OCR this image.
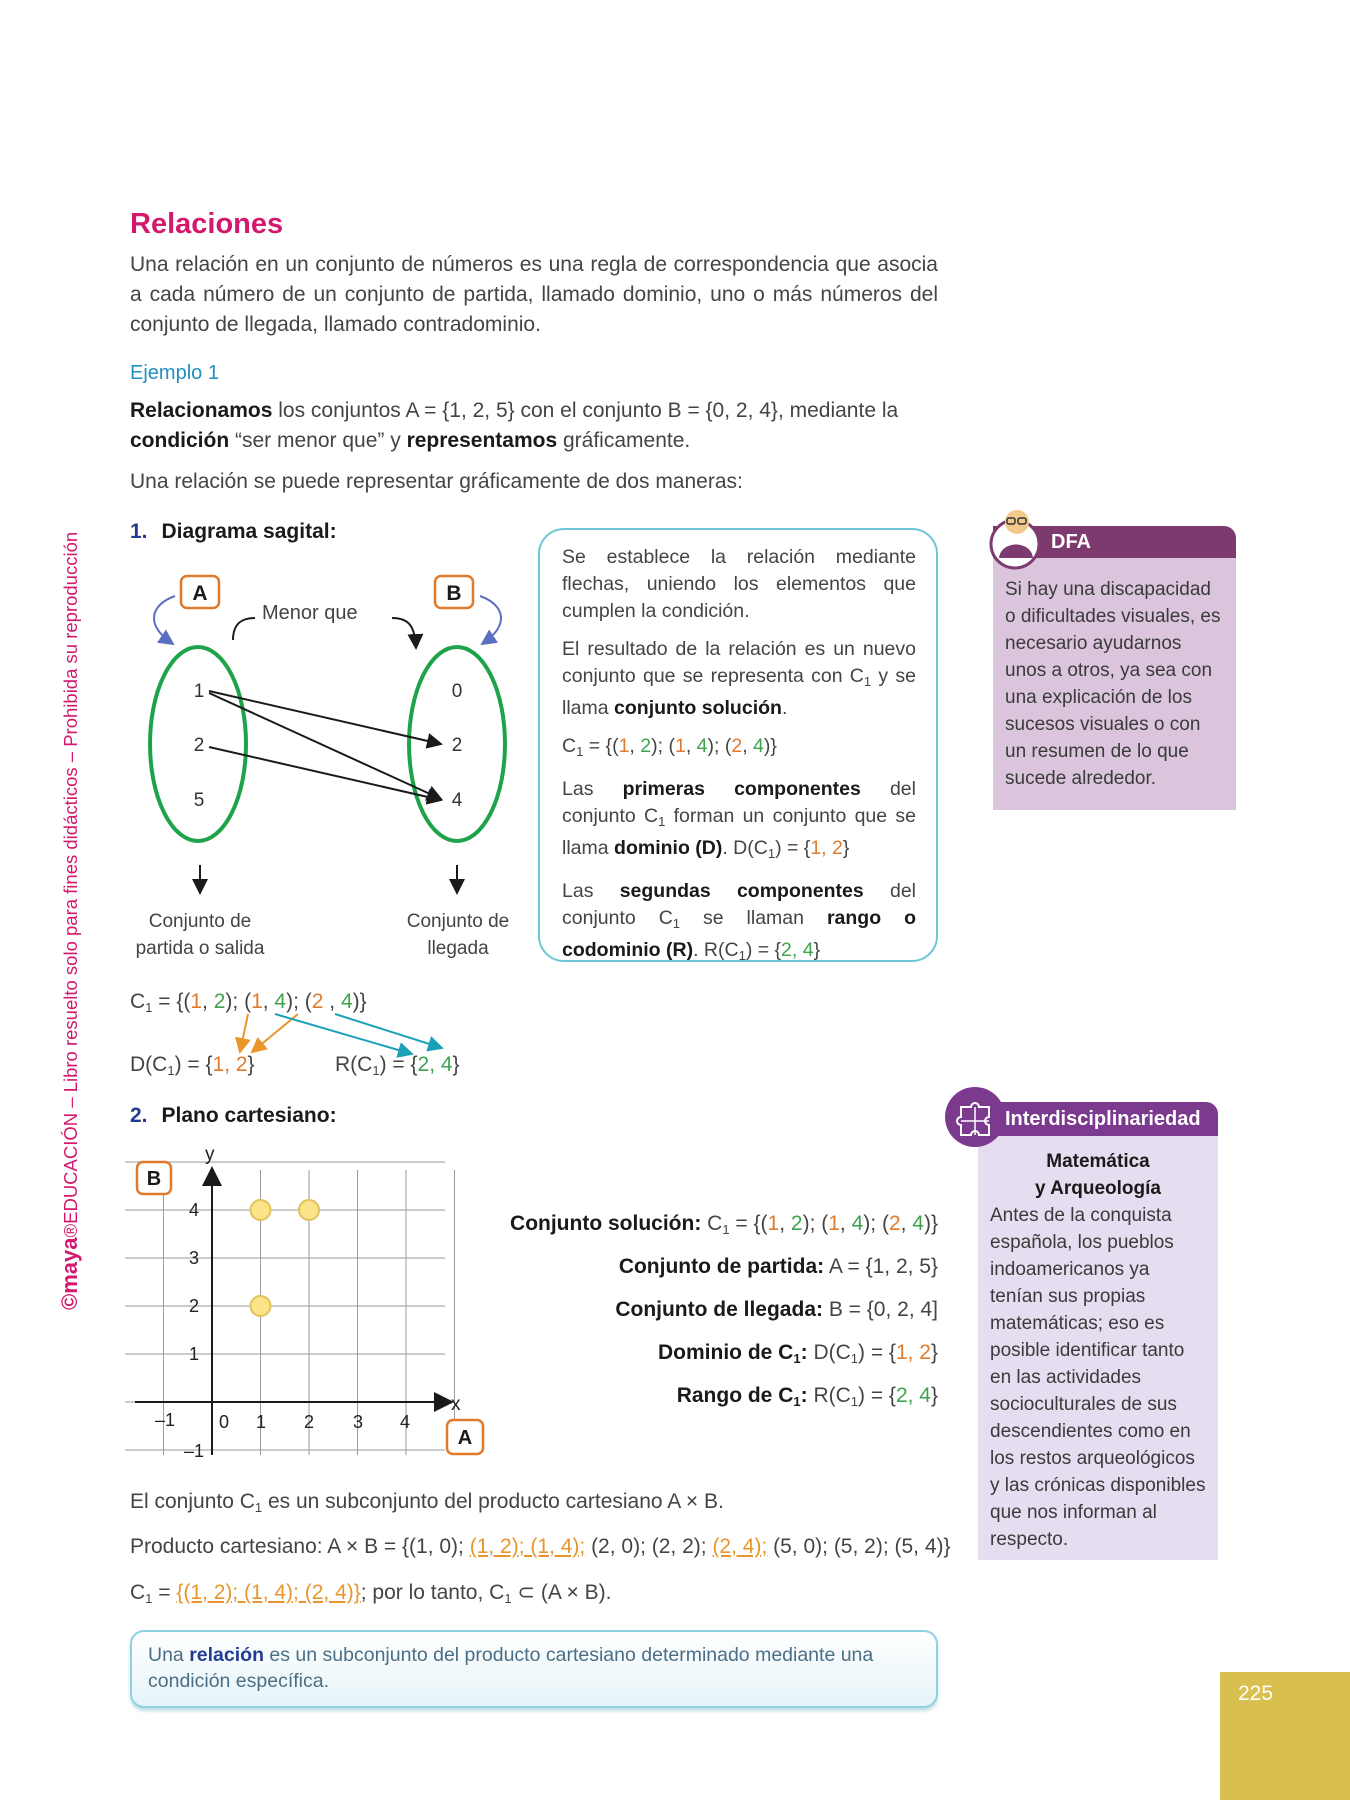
©maya®EDUCACIÓN – Libro resuelto solo para fines didácticos – Prohibida su reproducción
Relaciones

Una relación en un conjunto de números es una regla de correspondencia que asocia a cada número de un conjunto de partida, llamado dominio, uno o más números del conjunto de llegada, llamado contradominio.

Ejemplo 1

Relacionamos los conjuntos A = {1, 2, 5} con el conjunto B = {0, 2, 4}, mediante la condición “ser menor que” y representamos gráficamente.

Una relación se puede representar gráficamente de dos maneras:

1. Diagrama sagital:
A	B
1
2
5
0
2
4
Menor que
Conjunto de
partida o salida
Conjunto de
llegada

Se establece la relación mediante flechas, uniendo los elementos que cumplen la condición.

El resultado de la relación es un nuevo conjunto que se representa con $C_1$ y se llama conjunto solución.

$C_1 = \{(1$, 2); (1, 4); (2, 4)}

Las primeras componentes del conjunto $C_1$ forman un conjunto que se llama dominio (D). $D(C_1) = \{1$, 2}

Las segundas componentes del conjunto $C_1$ se llaman rango o codominio (R). $R(C_1) = \{2$, 4}

$C_1 = \{(1$, 2); (1, 4); (2 , 4)}
$D(C_1) = \{1$, 2}	$R(C_1) = \{2$, 4}
2. Plano cartesiano:
y
x
B
A
–1 0 1 2 3 4
4
3
2
1
–1
Conjunto solución: $C_1 = \{(1$, 2); (1, 4); (2, 4)}
Conjunto de partida: A = {1, 2, 5}
Conjunto de llegada: B = {0, 2, 4]
Dominio de $C_1$: $D(C_1) = \{1$, 2}
Rango de $C_1$: $R(C_1) = \{2$, 4}
El conjunto $C_1$ es un subconjunto del producto cartesiano A × B.
Producto cartesiano: A × B = {(1, 0); (1, 2); (1, 4); (2, 0); (2, 2); (2, 4); (5, 0); (5, 2); (5, 4)}
$C_1 = \{(1$, 2); (1, 4); (2, 4)}; por lo tanto, $C_1$ ⊂ (A × B).
Una relación es un subconjunto del producto cartesiano determinado mediante una condición específica.
DFA
Si hay una discapacidad o dificultades visuales, es necesario ayudarnos unos a otros, ya sea con una explicación de los sucesos visuales o con un resumen de lo que sucede alrededor.
Interdisciplinariedad
Matemática
y Arqueología
Antes de la conquista española, los pueblos indoamericanos ya tenían sus propias matemáticas; eso es posible identificar tanto en las actividades socioculturales de sus descendientes como en los restos arqueológicos y las crónicas disponibles que nos informan al respecto.
225
